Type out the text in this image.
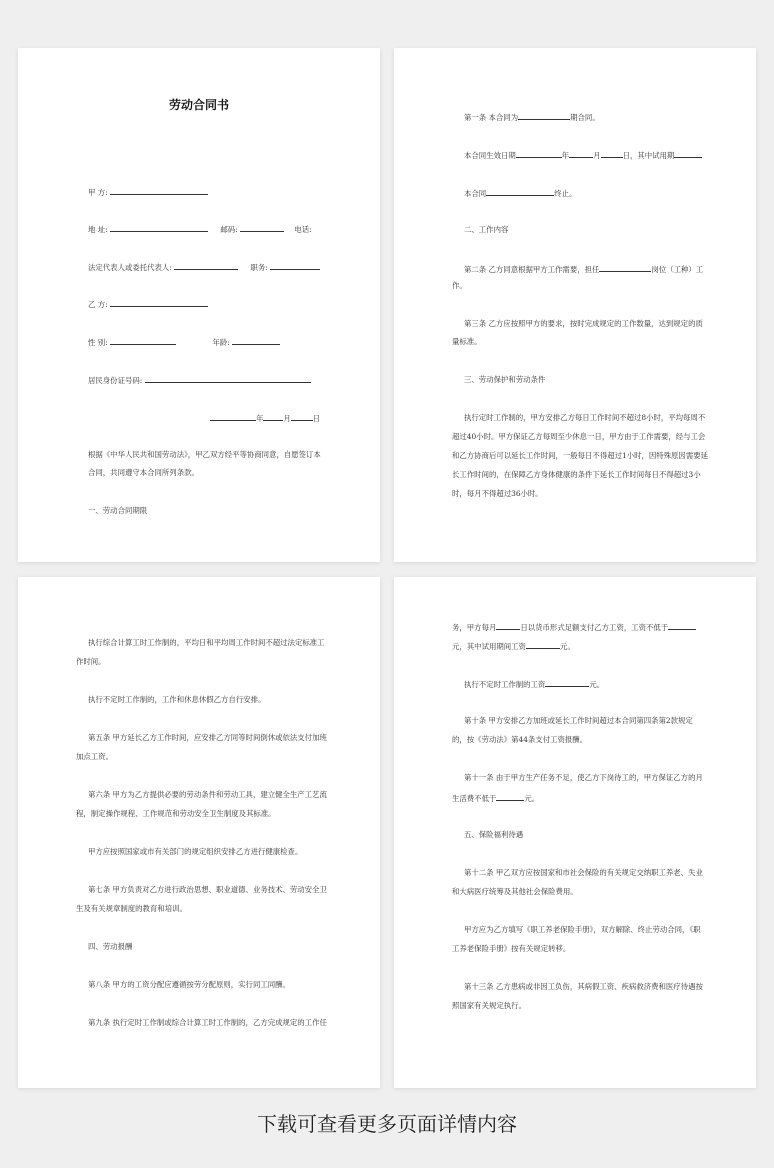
劳动合同书
甲 方:
地 址:	邮码:	电话:
法定代表人或委托代表人:	职务:
乙 方:
性 别:	年龄:
居民身份证号码:
年	月	日
根据《中华人民共和国劳动法》，甲乙双方经平等协商同意，自愿签订本
合同，共同遵守本合同所列条款。
一、劳动合同期限
第一条 本合同为	期合同。
本合同生效日期	年	月	日，其中试用期
本合同	终止。
二、工作内容
第二条 乙方同意根据甲方工作需要，担任	岗位（工种）工
作。
第三条 乙方应按照甲方的要求，按时完成规定的工作数量，达到规定的质
量标准。
三、劳动保护和劳动条件
执行定时工作制的，甲方安排乙方每日工作时间不超过8小时，平均每周不
超过40小时。甲方保证乙方每周至少休息一日，甲方由于工作需要，经与工会
和乙方协商后可以延长工作时间，一般每日不得超过1小时，因特殊原因需要延
长工作时间的，在保障乙方身体健康的条件下延长工作时间每日不得超过3小
时，每月不得超过36小时。
执行综合计算工时工作制的，平均日和平均周工作时间不超过法定标准工
作时间。
执行不定时工作制的，工作和休息休假乙方自行安排。
第五条 甲方延长乙方工作时间，应安排乙方同等时间倒休或依法支付加班
加点工资。
第六条 甲方为乙方提供必要的劳动条件和劳动工具，建立健全生产工艺流
程，制定操作规程、工作规范和劳动安全卫生制度及其标准。
甲方应按照国家或市有关部门的规定组织安排乙方进行健康检查。
第七条 甲方负责对乙方进行政治思想、职业道德、业务技术、劳动安全卫
生及有关规章制度的教育和培训。
四、劳动报酬
第八条 甲方的工资分配应遵循按劳分配原则，实行同工同酬。
第九条 执行定时工作制或综合计算工时工作制的，乙方完成规定的工作任
务，甲方每月	日以货币形式足额支付乙方工资，工资不低于
元，其中试用期间工资	元。
执行不定时工作制的工资	元。
第十条 甲方安排乙方加班或延长工作时间超过本合同第四条第2款规定
的，按《劳动法》第44条支付工资报酬。
第十一条 由于甲方生产任务不足，使乙方下岗待工的，甲方保证乙方的月
生活费不低于	元。
五、保险福利待遇
第十二条 甲乙双方应按国家和市社会保险的有关规定交纳职工养老、失业
和大病医疗统筹及其他社会保险费用。
甲方应为乙方填写《职工养老保险手册》，双方解除、终止劳动合同，《职
工养老保险手册》按有关规定转移。
第十三条 乙方患病或非因工负伤，其病假工资、疾病救济费和医疗待遇按
照国家有关规定执行。
下载可查看更多页面详情内容
